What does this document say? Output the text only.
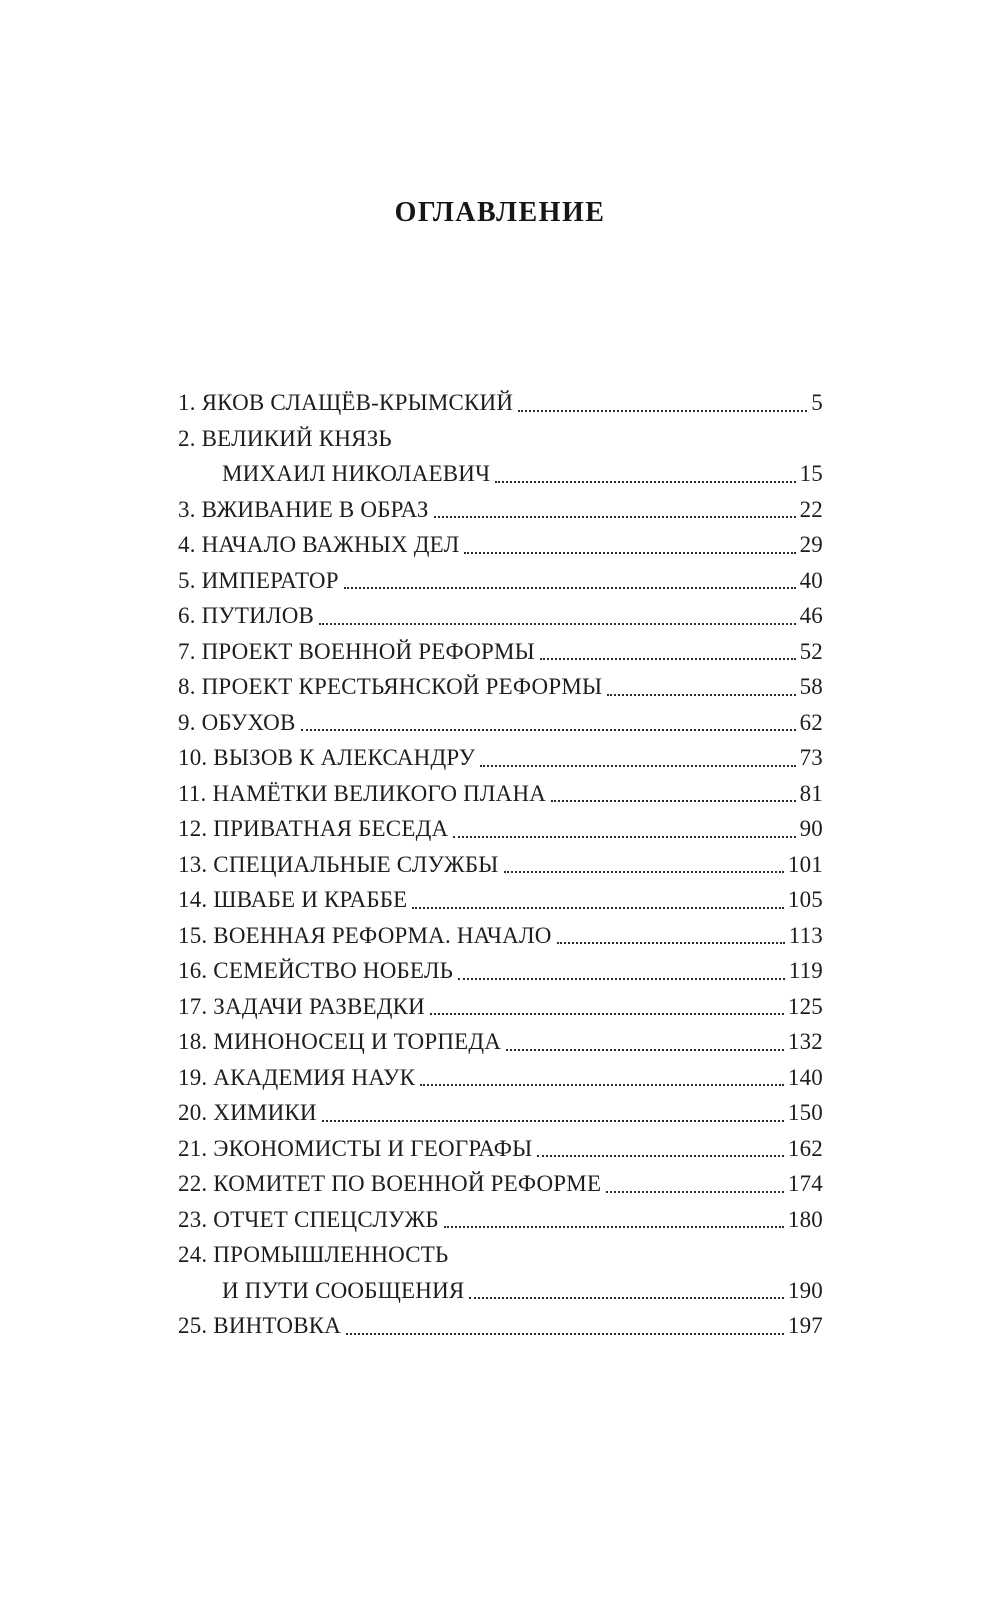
ОГЛАВЛЕНИЕ
1. ЯКОВ СЛАЩЁВ-КРЫМСКИЙ	5
2. ВЕЛИКИЙ КНЯЗЬ
МИХАИЛ НИКОЛАЕВИЧ	15
3. ВЖИВАНИЕ В ОБРАЗ	22
4. НАЧАЛО ВАЖНЫХ ДЕЛ	29
5. ИМПЕРАТОР	40
6. ПУТИЛОВ	46
7. ПРОЕКТ ВОЕННОЙ РЕФОРМЫ	52
8. ПРОЕКТ КРЕСТЬЯНСКОЙ РЕФОРМЫ	58
9. ОБУХОВ	62
10. ВЫЗОВ К АЛЕКСАНДРУ	73
11. НАМЁТКИ ВЕЛИКОГО ПЛАНА	81
12. ПРИВАТНАЯ БЕСЕДА	90
13. СПЕЦИАЛЬНЫЕ СЛУЖБЫ	101
14. ШВАБЕ И КРАББЕ	105
15. ВОЕННАЯ РЕФОРМА. НАЧАЛО	113
16. СЕМЕЙСТВО НОБЕЛЬ	119
17. ЗАДАЧИ РАЗВЕДКИ	125
18. МИНОНОСЕЦ И ТОРПЕДА	132
19. АКАДЕМИЯ НАУК	140
20. ХИМИКИ	150
21. ЭКОНОМИСТЫ И ГЕОГРАФЫ	162
22. КОМИТЕТ ПО ВОЕННОЙ РЕФОРМЕ	174
23. ОТЧЕТ СПЕЦСЛУЖБ	180
24. ПРОМЫШЛЕННОСТЬ
И ПУТИ СООБЩЕНИЯ	190
25. ВИНТОВКА	197
